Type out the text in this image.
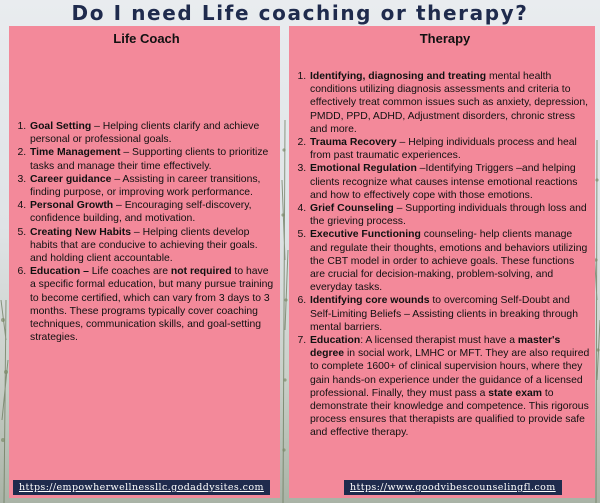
Do I need Life coaching or therapy?
Life Coach
1. Goal Setting – Helping clients clarify and achieve personal or professional goals.
2. Time Management – Supporting clients to prioritize tasks and manage their time effectively.
3. Career guidance – Assisting in career transitions, finding purpose, or improving work performance.
4. Personal Growth – Encouraging self-discovery, confidence building, and motivation.
5. Creating New Habits – Helping clients develop habits that are conducive to achieving their goals. and holding client accountable.
6. Education – Life coaches are not required to have a specific formal education, but many pursue training to become certified, which can vary from 3 days to 3 months. These programs typically cover coaching techniques, communication skills, and goal-setting strategies.
https://empowherwellnessllc.godaddysites.com
Therapy
1. Identifying, diagnosing and treating mental health conditions utilizing diagnosis assessments and criteria to effectively treat common issues such as anxiety, depression, PMDD, PPD, ADHD, Adjustment disorders, chronic stress and more.
2. Trauma Recovery – Helping individuals process and heal from past traumatic experiences.
3. Emotional Regulation –Identifying Triggers –and helping clients recognize what causes intense emotional reactions and how to effectively cope with those emotions.
4. Grief Counseling – Supporting individuals through loss and the grieving process.
5. Executive Functioning counseling- help clients manage and regulate their thoughts, emotions and behaviors utilizing the CBT model in order to achieve goals. These functions are crucial for decision-making, problem-solving, and everyday tasks.
6. Identifying core wounds to overcoming Self-Doubt and Self-Limiting Beliefs – Assisting clients in breaking through mental barriers.
7. Education: A licensed therapist must have a master's degree in social work, LMHC or MFT. They are also required to complete 1600+ of clinical supervision hours, where they gain hands-on experience under the guidance of a licensed professional. Finally, they must pass a state exam to demonstrate their knowledge and competence. This rigorous process ensures that therapists are qualified to provide safe and effective therapy.
https://www.goodvibescounselingfl.com
